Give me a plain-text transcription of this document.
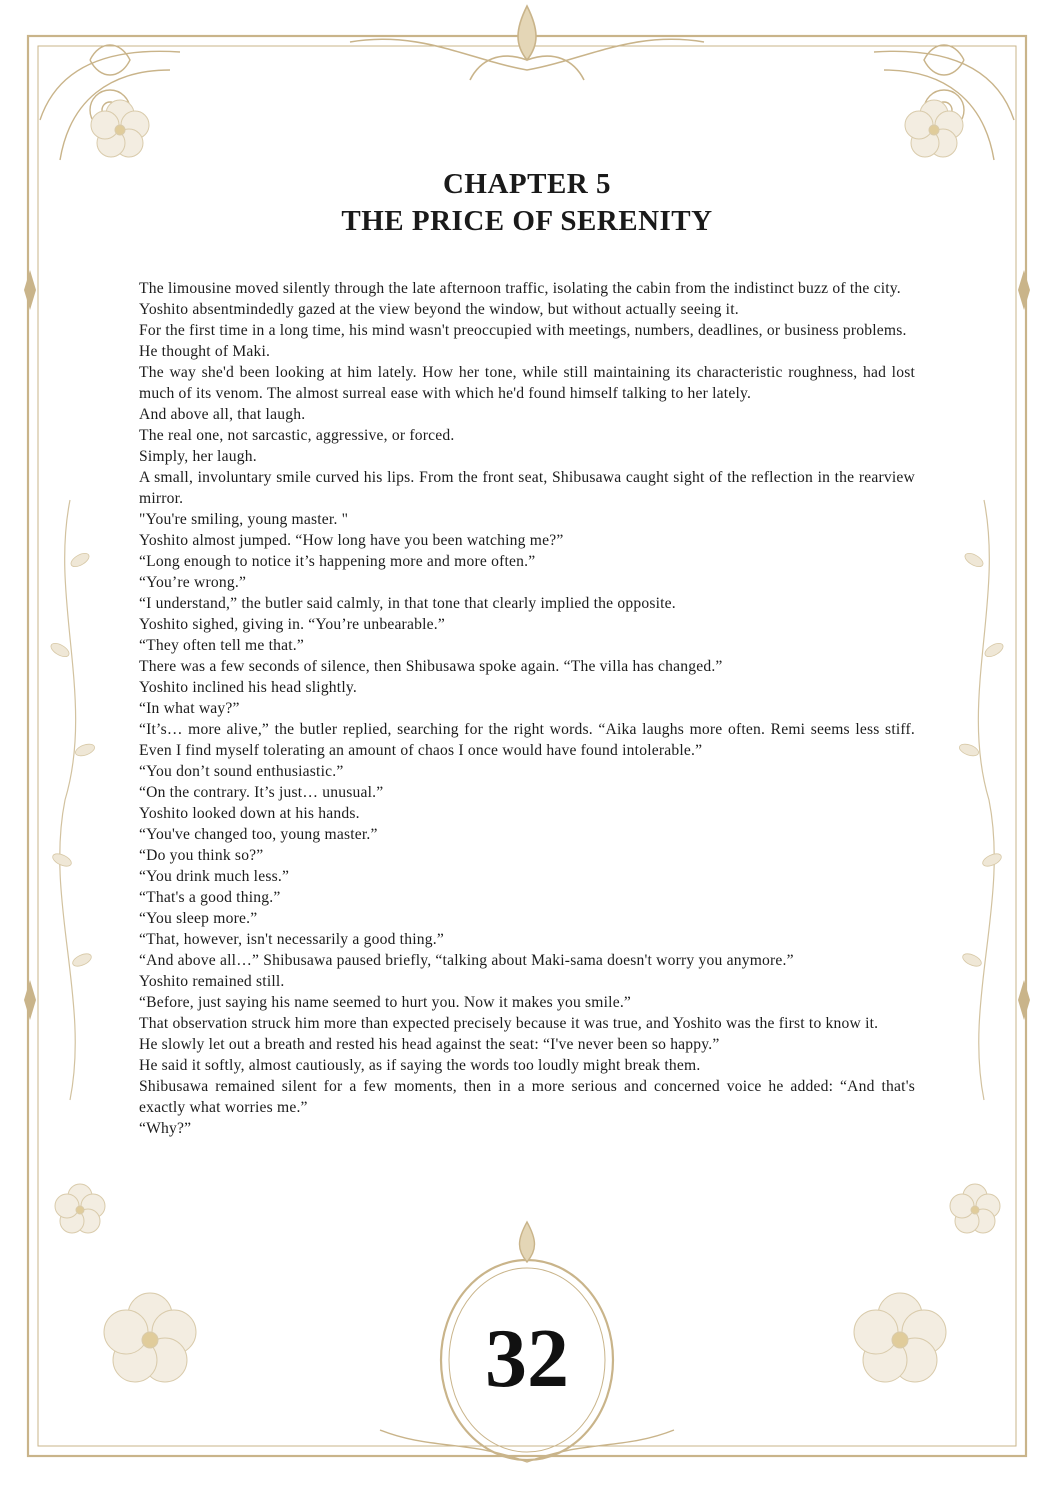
CHAPTER 5
THE PRICE OF SERENITY

The limousine moved silently through the late afternoon traffic, isolating the cabin from the indistinct buzz of the city.

Yoshito absentmindedly gazed at the view beyond the window, but without actually seeing it.

For the first time in a long time, his mind wasn't preoccupied with meetings, numbers, deadlines, or business problems.

He thought of Maki.

The way she'd been looking at him lately. How her tone, while still maintaining its characteristic roughness, had lost much of its venom. The almost surreal ease with which he'd found himself talking to her lately.

And above all, that laugh.

The real one, not sarcastic, aggressive, or forced.

Simply, her laugh.

A small, involuntary smile curved his lips. From the front seat, Shibusawa caught sight of the reflection in the rearview mirror.

"You're smiling, young master. "

Yoshito almost jumped. “How long have you been watching me?”

“Long enough to notice it’s happening more and more often.”

“You’re wrong.”

“I understand,” the butler said calmly, in that tone that clearly implied the opposite.

Yoshito sighed, giving in. “You’re unbearable.”

“They often tell me that.”

There was a few seconds of silence, then Shibusawa spoke again. “The villa has changed.”

Yoshito inclined his head slightly.

“In what way?”

“It’s… more alive,” the butler replied, searching for the right words. “Aika laughs more often. Remi seems less stiff. Even I find myself tolerating an amount of chaos I once would have found intolerable.”

“You don’t sound enthusiastic.”

“On the contrary. It’s just… unusual.”

Yoshito looked down at his hands.

“You've changed too, young master.”

“Do you think so?”

“You drink much less.”

“That's a good thing.”

“You sleep more.”

“That, however, isn't necessarily a good thing.”

“And above all…” Shibusawa paused briefly, “talking about Maki-sama doesn't worry you anymore.”

Yoshito remained still.

“Before, just saying his name seemed to hurt you. Now it makes you smile.”

That observation struck him more than expected precisely because it was true, and Yoshito was the first to know it.

He slowly let out a breath and rested his head against the seat: “I've never been so happy.”

He said it softly, almost cautiously, as if saying the words too loudly might break them.

Shibusawa remained silent for a few moments, then in a more serious and concerned voice he added: “And that's exactly what worries me.”

“Why?”

32
